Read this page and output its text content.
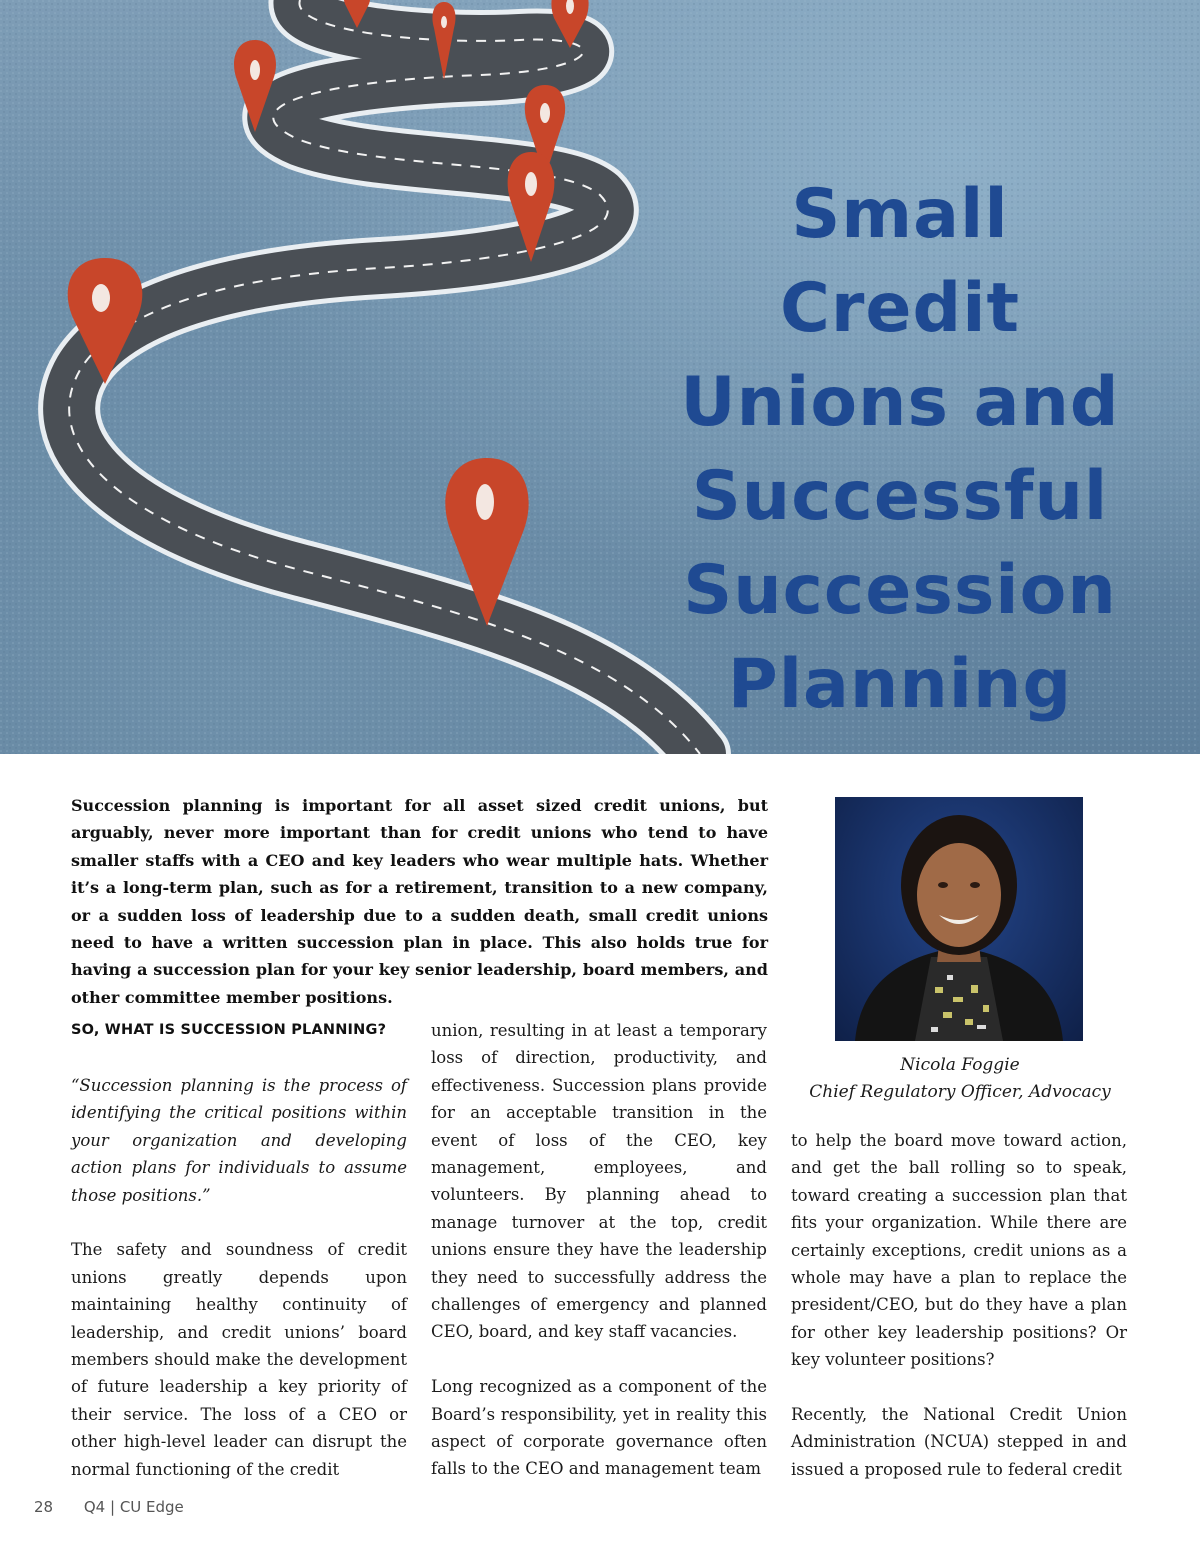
Small Credit
Unions and
Successful
Succession
Planning

Succession planning is important for all asset sized credit unions, but arguably, never more important than for credit unions who tend to have smaller staffs with a CEO and key leaders who wear multiple hats. Whether it’s a long-term plan, such as for a retirement, transition to a new company, or a sudden loss of leadership due to a sudden death, small credit unions need to have a written succession plan in place. This also holds true for having a succession plan for your key senior leadership, board members, and other committee member positions.

Nicola Foggie
Chief Regulatory Officer, Advocacy
SO, WHAT IS SUCCESSION PLANNING?

“Succession planning is the process of identifying the critical positions within your organization and developing action plans for individuals to assume those positions.”

The safety and soundness of credit unions greatly depends upon maintaining healthy continuity of leadership, and credit unions’ board members should make the development of future leadership a key priority of their service. The loss of a CEO or other high-level leader can disrupt the normal functioning of the credit

union, resulting in at least a temporary loss of direction, productivity, and effectiveness. Succession plans provide for an acceptable transition in the event of loss of the CEO, key management, employees, and volunteers. By planning ahead to manage turnover at the top, credit unions ensure they have the leadership they need to successfully address the challenges of emergency and planned CEO, board, and key staff vacancies.

Long recognized as a component of the Board’s responsibility, yet in reality this aspect of corporate governance often falls to the CEO and management team

to help the board move toward action, and get the ball rolling so to speak, toward creating a succession plan that fits your organization. While there are certainly exceptions, credit unions as a whole may have a plan to replace the president/CEO, but do they have a plan for other key leadership positions? Or key volunteer positions?

Recently, the National Credit Union Administration (NCUA) stepped in and issued a proposed rule to federal credit

28 Q4 | CU Edge
